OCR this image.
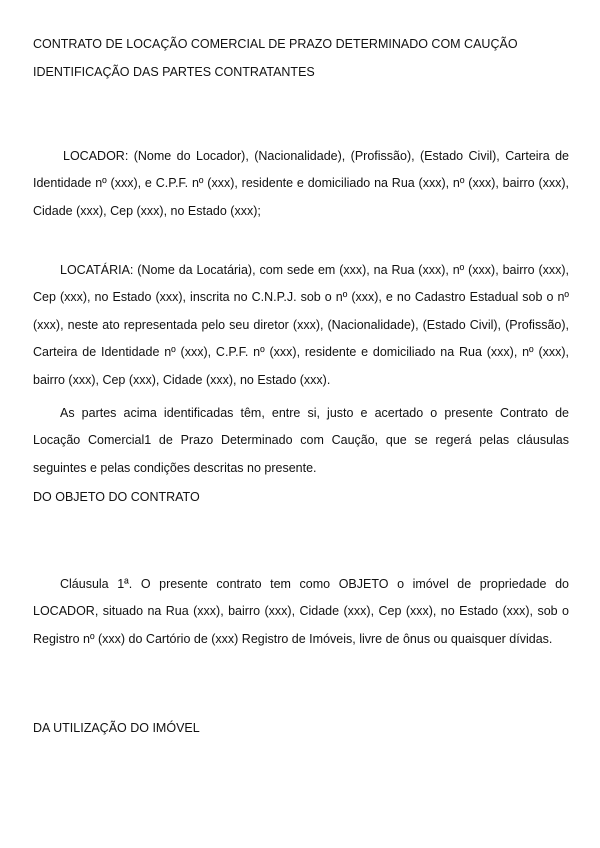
CONTRATO DE LOCAÇÃO COMERCIAL DE PRAZO DETERMINADO COM CAUÇÃO
IDENTIFICAÇÃO DAS PARTES CONTRATANTES

LOCADOR: (Nome do Locador), (Nacionalidade), (Profissão), (Estado Civil), Carteira de Identidade nº (xxx), e C.P.F. nº (xxx), residente e domiciliado na Rua (xxx), nº (xxx), bairro (xxx), Cidade (xxx), Cep (xxx), no Estado (xxx);

LOCATÁRIA: (Nome da Locatária), com sede em (xxx), na Rua (xxx), nº (xxx), bairro (xxx), Cep (xxx), no Estado (xxx), inscrita no C.N.P.J. sob o nº (xxx), e no Cadastro Estadual sob o nº (xxx), neste ato representada pelo seu diretor (xxx), (Nacionalidade), (Estado Civil), (Profissão), Carteira de Identidade nº (xxx), C.P.F. nº (xxx), residente e domiciliado na Rua (xxx), nº (xxx), bairro (xxx), Cep (xxx), Cidade (xxx), no Estado (xxx).

As partes acima identificadas têm, entre si, justo e acertado o presente Contrato de Locação Comercial1 de Prazo Determinado com Caução, que se regerá pelas cláusulas seguintes e pelas condições descritas no presente.

DO OBJETO DO CONTRATO

Cláusula 1ª. O presente contrato tem como OBJETO o imóvel de propriedade do LOCADOR, situado na Rua (xxx), bairro (xxx), Cidade (xxx), Cep (xxx), no Estado (xxx), sob o Registro nº (xxx) do Cartório de (xxx) Registro de Imóveis, livre de ônus ou quaisquer dívidas.

DA UTILIZAÇÃO DO IMÓVEL
